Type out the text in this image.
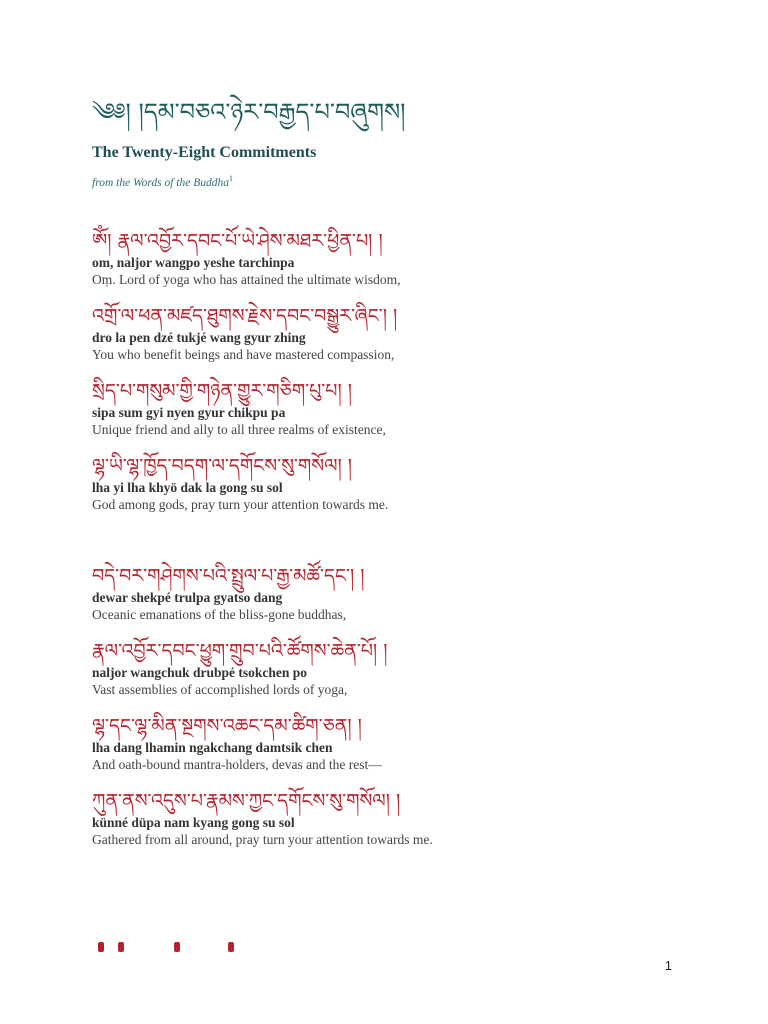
༄༅། །དམ་བཅའ་ཉེར་བརྒྱད་པ་བཞུགས།
The Twenty-Eight Commitments
from the Words of the Buddha$^1$
ཨོཾ། རྣལ་འབྱོར་དབང་པོ་ཡེ་ཤེས་མཐར་ཕྱིན་པ། །
om, naljor wangpo yeshe tarchinpa
Oṃ. Lord of yoga who has attained the ultimate wisdom,
འགྲོ་ལ་ཕན་མཛད་ཐུགས་རྗེས་དབང་བསྒྱུར་ཞིང་། །
dro la pen dzé tukjé wang gyur zhing
You who benefit beings and have mastered compassion,
སྲིད་པ་གསུམ་གྱི་གཉེན་གྱུར་གཅིག་པུ་པ། །
sipa sum gyi nyen gyur chikpu pa
Unique friend and ally to all three realms of existence,
ལྷ་ཡི་ལྷ་ཁྱོད་བདག་ལ་དགོངས་སུ་གསོལ། །
lha yi lha khyö dak la gong su sol
God among gods, pray turn your attention towards me.
བདེ་བར་གཤེགས་པའི་སྤྲུལ་པ་རྒྱ་མཚོ་དང་། །
dewar shekpé trulpa gyatso dang
Oceanic emanations of the bliss-gone buddhas,
རྣལ་འབྱོར་དབང་ཕྱུག་གྲུབ་པའི་ཚོགས་ཆེན་པོ། །
naljor wangchuk drubpé tsokchen po
Vast assemblies of accomplished lords of yoga,
ལྷ་དང་ལྷ་མིན་སྔགས་འཆང་དམ་ཚིག་ཅན། །
lha dang lhamin ngakchang damtsik chen
And oath-bound mantra-holders, devas and the rest—
ཀུན་ནས་འདུས་པ་རྣམས་ཀྱང་དགོངས་སུ་གསོལ། །
künné düpa nam kyang gong su sol
Gathered from all around, pray turn your attention towards me.
1
